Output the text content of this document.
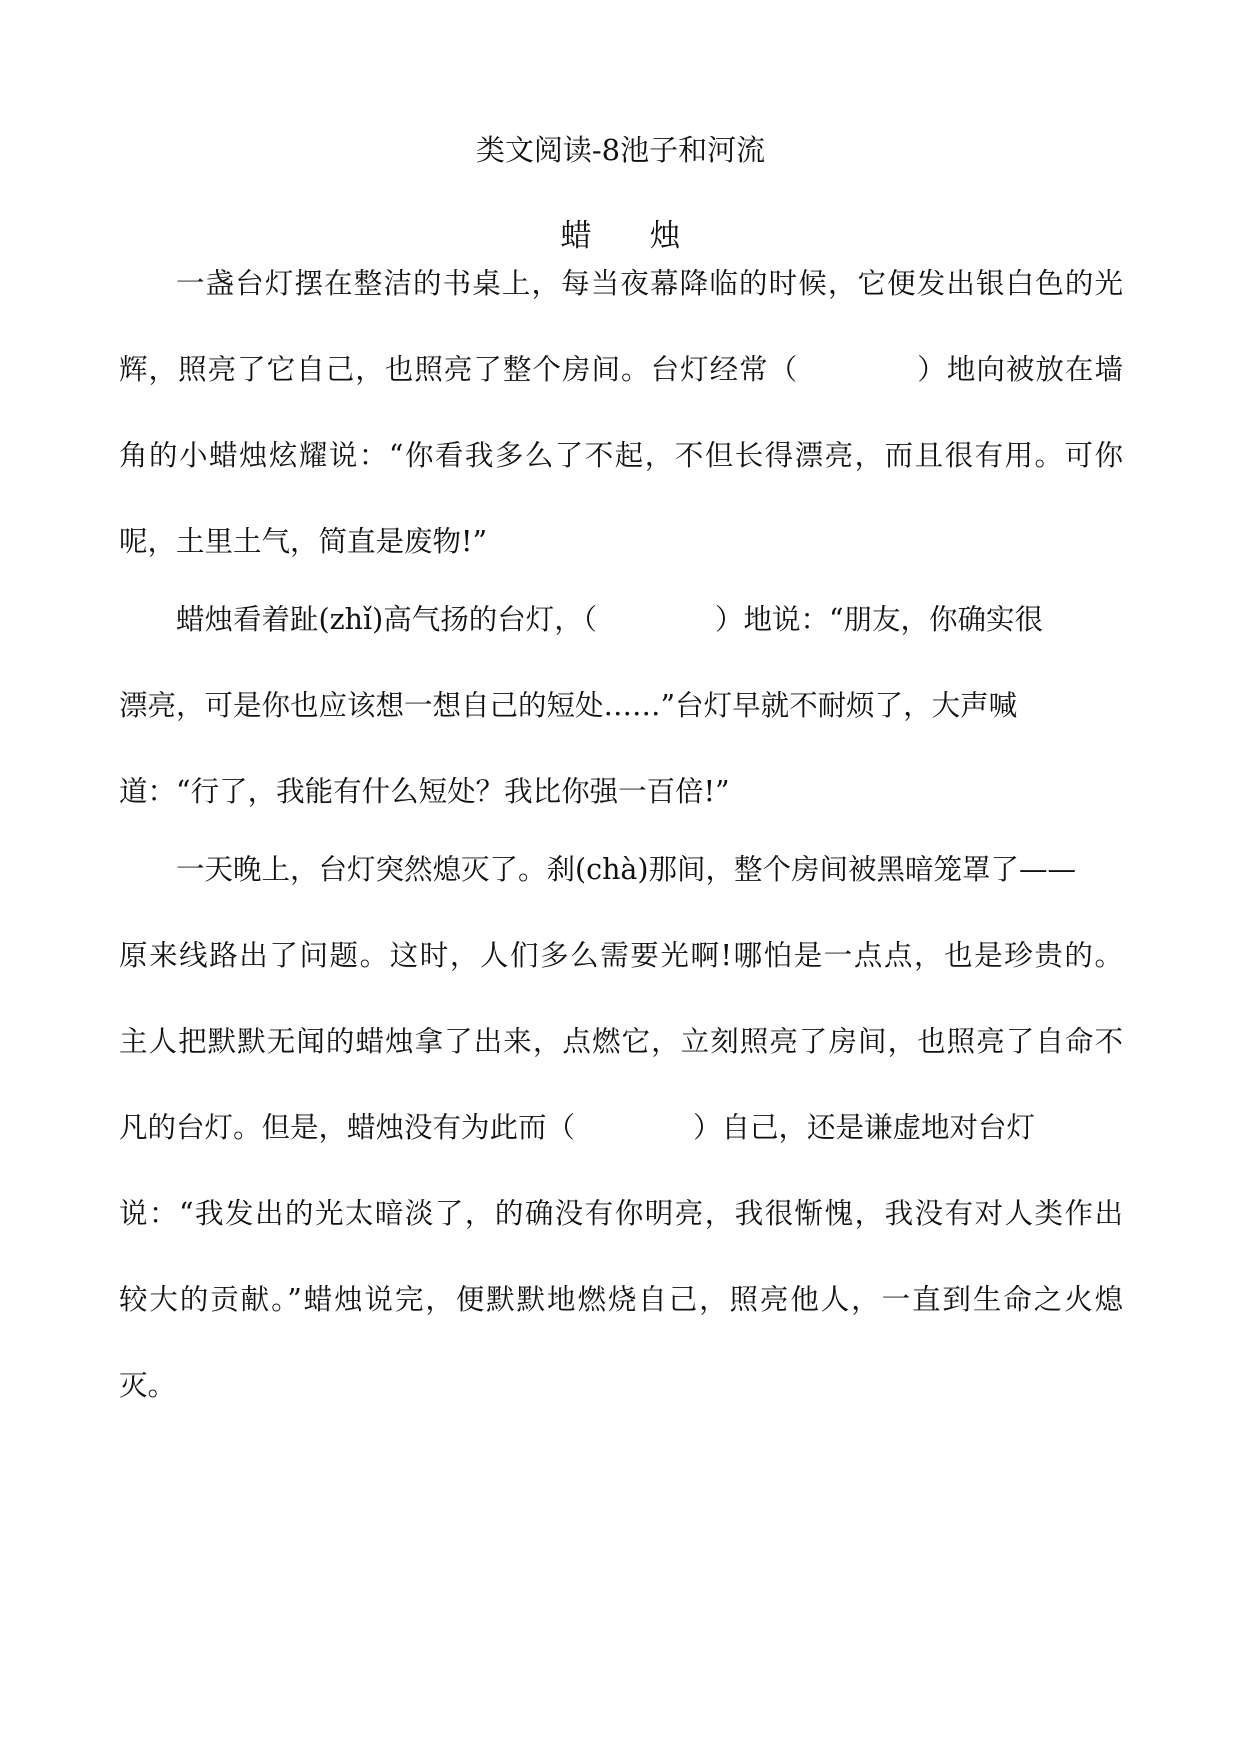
类文阅读-8池子和河流
蜡烛
一盏台灯摆在整洁的书桌上，每当夜幕降临的时候，它便发出银白色的光
辉，照亮了它自己，也照亮了整个房间。台灯经常（	）地向被放在墙
角的小蜡烛炫耀说：“你看我多么了不起，不但长得漂亮，而且很有用。可你
呢，土里土气，简直是废物!”
蜡烛看着趾(zhǐ)高气扬的台灯，（	）地说：“朋友，你确实很
漂亮，可是你也应该想一想自己的短处……”台灯早就不耐烦了，大声喊
道：“行了，我能有什么短处？我比你强一百倍!”
一天晚上，台灯突然熄灭了。刹(chà)那间，整个房间被黑暗笼罩了——
原来线路出了问题。这时，人们多么需要光啊!哪怕是一点点，也是珍贵的。
主人把默默无闻的蜡烛拿了出来，点燃它，立刻照亮了房间，也照亮了自命不
凡的台灯。但是，蜡烛没有为此而（	）自己，还是谦虚地对台灯
说：“我发出的光太暗淡了，的确没有你明亮，我很惭愧，我没有对人类作出
较大的贡献。”蜡烛说完，便默默地燃烧自己，照亮他人，一直到生命之火熄
灭。
